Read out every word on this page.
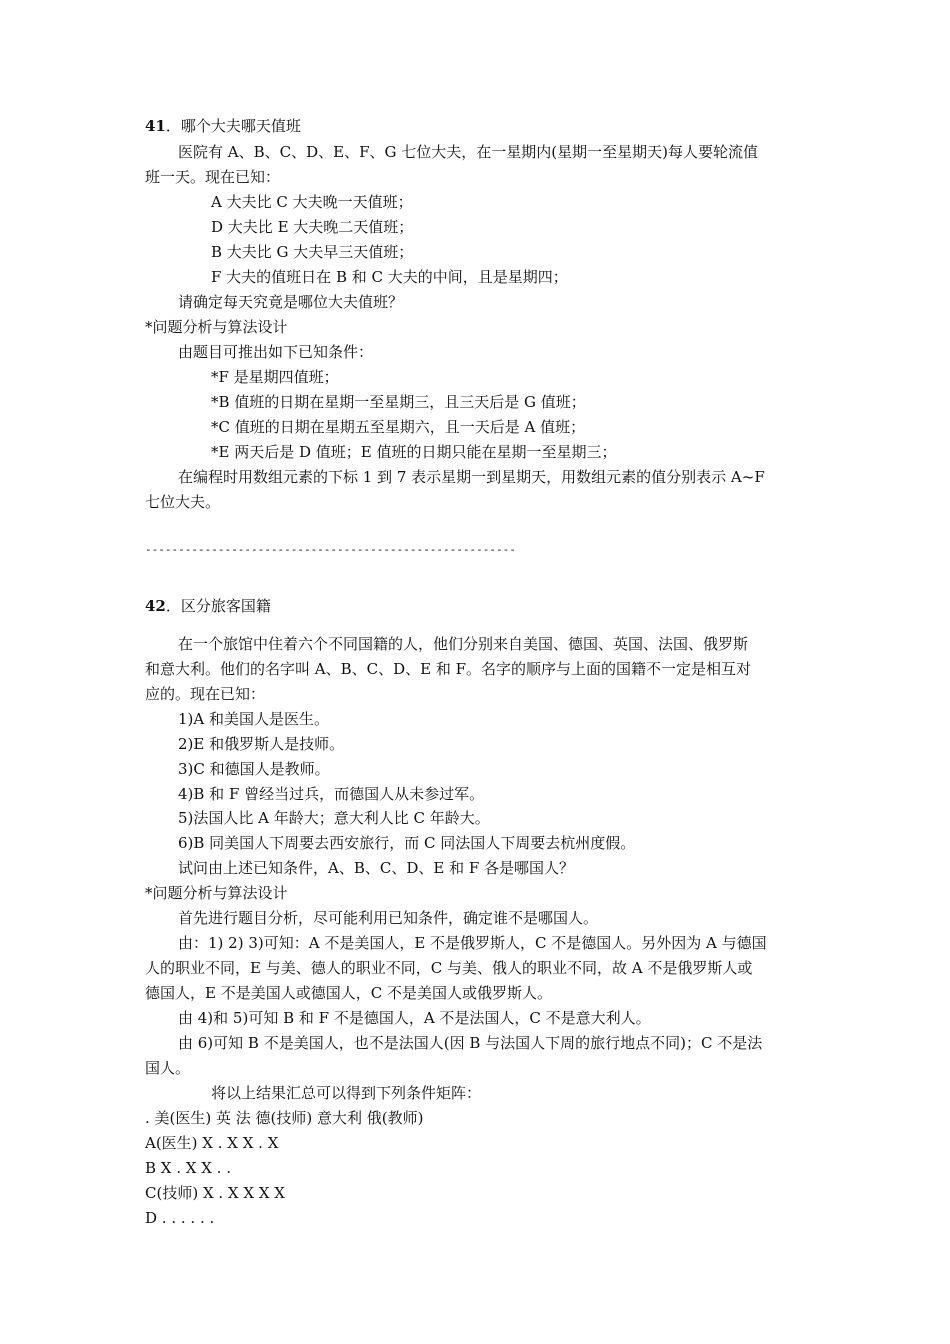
41．哪个大夫哪天值班
医院有 A、B、C、D、E、F、G 七位大夫，在一星期内(星期一至星期天)每人要轮流值
班一天。现在已知：
A 大夫比 C 大夫晚一天值班；
D 大夫比 E 大夫晚二天值班；
B 大夫比 G 大夫早三天值班；
F 大夫的值班日在 B 和 C 大夫的中间，且是星期四；
请确定每天究竟是哪位大夫值班？
*问题分析与算法设计
由题目可推出如下已知条件：
*F 是星期四值班；
*B 值班的日期在星期一至星期三，且三天后是 G 值班；
*C 值班的日期在星期五至星期六，且一天后是 A 值班；
*E 两天后是 D 值班；E 值班的日期只能在星期一至星期三；
在编程时用数组元素的下标 1 到 7 表示星期一到星期天，用数组元素的值分别表示 A~F
七位大夫。
--------------------------------------------------------
42．区分旅客国籍
在一个旅馆中住着六个不同国籍的人，他们分别来自美国、德国、英国、法国、俄罗斯
和意大利。他们的名字叫 A、B、C、D、E 和 F。名字的顺序与上面的国籍不一定是相互对
应的。现在已知：
1)A 和美国人是医生。
2)E 和俄罗斯人是技师。
3)C 和德国人是教师。
4)B 和 F 曾经当过兵，而德国人从未参过军。
5)法国人比 A 年龄大；意大利人比 C 年龄大。
6)B 同美国人下周要去西安旅行，而 C 同法国人下周要去杭州度假。
试问由上述已知条件，A、B、C、D、E 和 F 各是哪国人？
*问题分析与算法设计
首先进行题目分析，尽可能利用已知条件，确定谁不是哪国人。
由：1) 2) 3)可知：A 不是美国人，E 不是俄罗斯人，C 不是德国人。另外因为 A 与德国
人的职业不同，E 与美、德人的职业不同，C 与美、俄人的职业不同，故 A 不是俄罗斯人或
德国人，E 不是美国人或德国人，C 不是美国人或俄罗斯人。
由 4)和 5)可知 B 和 F 不是德国人，A 不是法国人，C 不是意大利人。
由 6)可知 B 不是美国人，也不是法国人(因 B 与法国人下周的旅行地点不同)；C 不是法
国人。
将以上结果汇总可以得到下列条件矩阵：
. 美(医生) 英 法 德(技师) 意大利 俄(教师)
A(医生) X . X X . X
B X . X X . .
C(技师) X . X X X X
D . . . . . .
